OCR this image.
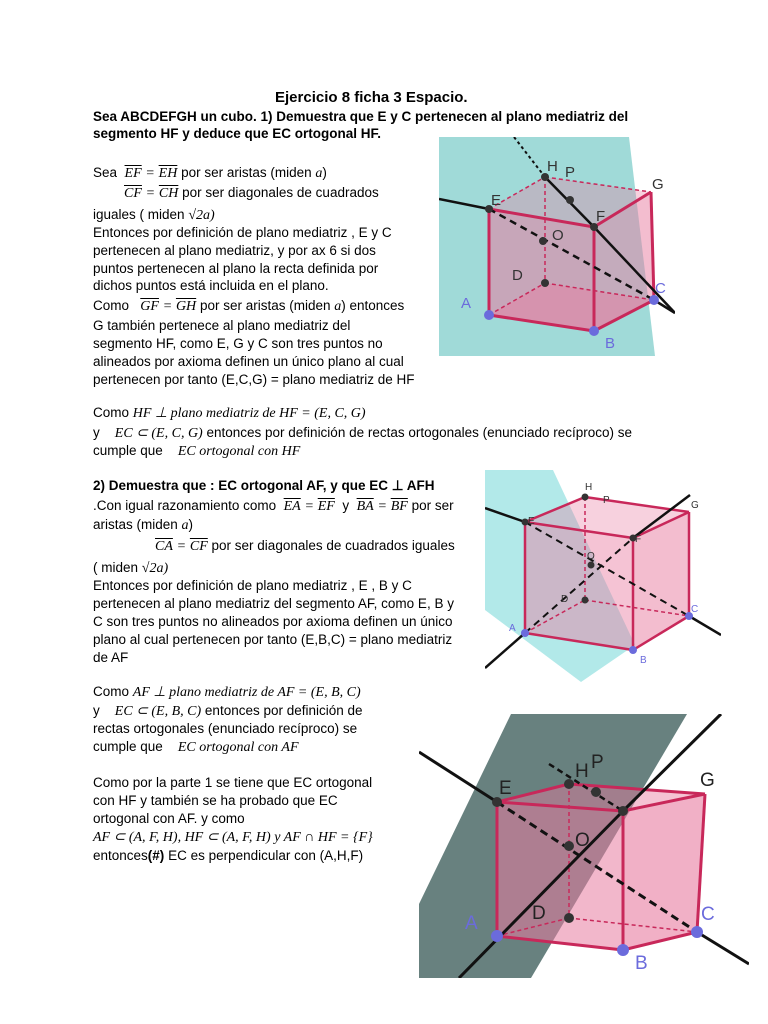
Ejercicio 8 ficha 3 Espacio.
Sea ABCDEFGH un cubo. 1) Demuestra que E y C pertenecen al plano mediatriz del
segmento HF y deduce que EC ortogonal HF.
Sea $\overline{EF} = \overline{EH}$ por ser aristas (miden a)
$\overline{CF} = \overline{CH}$ por ser diagonales de cuadrados
iguales ( miden √2a)
Entonces por definición de plano mediatriz , E y C
pertenecen al plano mediatriz, y por ax 6 si dos
puntos pertenecen al plano la recta definida por
dichos puntos está incluida en el plano.
Como $\overline{GF} = \overline{GH}$ por ser aristas (miden a) entonces
G también pertenece al plano mediatriz del
segmento HF, como E, G y C son tres puntos no
alineados por axioma definen un único plano al cual
pertenecen por tanto (E,C,G) = plano mediatriz de HF
Como HF ⊥ plano mediatriz de HF = (E, C, G)
y EC ⊂ (E, C, G) entonces por definición de rectas ortogonales (enunciado recíproco) se
cumple que EC ortogonal con HF
2) Demuestra que : EC ortogonal AF, y que EC ⊥ AFH
.Con igual razonamiento como $\overline{EA} = \overline{EF}$ y $\overline{BA} = \overline{BF}$ por ser
aristas (miden a)
$\overline{CA} = \overline{CF}$ por ser diagonales de cuadrados iguales
( miden √2a)
Entonces por definición de plano mediatriz , E , B y C
pertenecen al plano mediatriz del segmento AF, como E, B y
C son tres puntos no alineados por axioma definen un único
plano al cual pertenecen por tanto (E,B,C) = plano mediatriz
de AF
Como AF ⊥ plano mediatriz de AF = (E, B, C)
y EC ⊂ (E, B, C) entonces por definición de
rectas ortogonales (enunciado recíproco) se
cumple que EC ortogonal con AF
Como por la parte 1 se tiene que EC ortogonal
con HF y también se ha probado que EC
ortogonal con AF. y como
AF ⊂ (A, F, H), HF ⊂ (A, F, H) y AF ∩ HF = {F}
entonces(#) EC es perpendicular con (A,H,F)
E
H P
G
F
O
D
A
B
C
E
H
P	G
F
O
D
A
B
C
E
H P
G
O
D
A
B
C
